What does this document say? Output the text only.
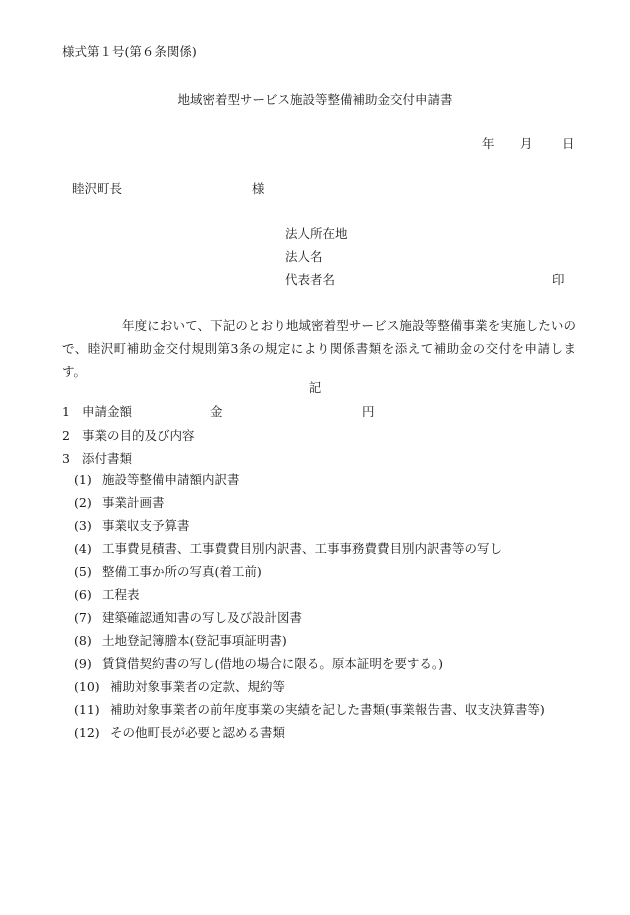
様式第１号(第６条関係)
地域密着型サービス施設等整備補助金交付申請書
年 月 日
睦沢町長	様
法人所在地
法人名
代表者名	印
年度において、下記のとおり地域密着型サービス施設等整備事業を実施したいので、睦沢町補助金交付規則第3条の規定により関係書類を添えて補助金の交付を申請します。
記
1 申請金額	金	円
2 事業の目的及び内容
3 添付書類
(1) 施設等整備申請額内訳書
(2) 事業計画書
(3) 事業収支予算書
(4) 工事費見積書、工事費費目別内訳書、工事事務費費目別内訳書等の写し
(5) 整備工事か所の写真(着工前)
(6) 工程表
(7) 建築確認通知書の写し及び設計図書
(8) 土地登記簿謄本(登記事項証明書)
(9) 賃貸借契約書の写し(借地の場合に限る。原本証明を要する。)
(10) 補助対象事業者の定款、規約等
(11) 補助対象事業者の前年度事業の実績を記した書類(事業報告書、収支決算書等)
(12) その他町長が必要と認める書類
